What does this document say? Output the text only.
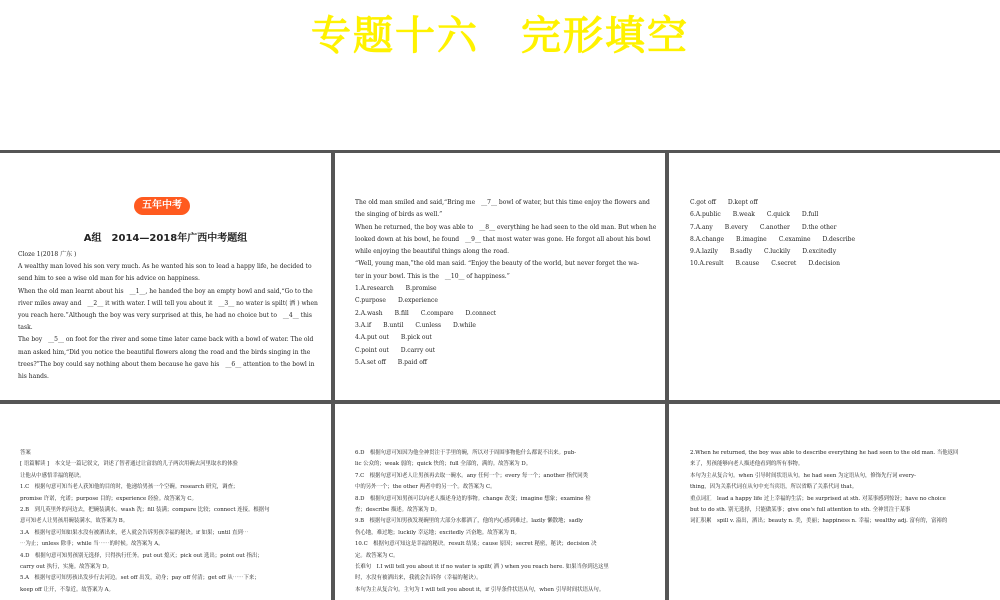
专题十六　完形填空
五年中考
A组　2014—2018年广西中考题组
Cloze 1(2018 广东 )
A wealthy man loved his son very much. As he wanted his son to lead a happy life, he decided to
send him to see a wise old man for his advice on happiness.
When the old man learnt about his　__1__, he handed the boy an empty bowl and said,“Go to the
river miles away and　__2__ it with water. I will tell you about it　__3__ no water is spilt( 洒 ) when
you reach here.”Although the boy was very surprised at this, he had no choice but to　__4__ this
task.
The boy　__5__ on foot for the river and some time later came back with a bowl of water. The old
man asked him,“Did you notice the beautiful flowers along the road and the birds singing in the
trees?”The boy could say nothing about them because he gave his　__6__ attention to the bowl in
his hands.
The old man smiled and said,“Bring me　__7__ bowl of water, but this time enjoy the flowers and
the singing of birds as well.”
When he returned, the boy was able to　__8__ everything he had seen to the old man. But when he
looked down at his bowl, he found　__9__ that most water was gone. He forgot all about his bowl
while enjoying the beautiful things along the road.
“Well, young man,”the old man said. “Enjoy the beauty of the world, but never forget the wa-
ter in your bowl. This is the　__10__ of happiness.”
1.A.research　　B.promise
C.purpose　　D.experience
2.A.wash　　B.fill　　C.compare　　D.connect
3.A.if　　B.until　　C.unless　　D.while
4.A.put out　　B.pick out
C.point out　　D.carry out
5.A.set off　　B.paid off
C.got off　　D.kept off
6.A.public　　B.weak　　C.quick　　D.full
7.A.any　　B.every　　C.another　　D.the other
8.A.change　　B.imagine　　C.examine　　D.describe
9.A.lazily　　B.sadly　　C.luckily　　D.excitedly
10.A.result　　B.cause　　C.secret　　D.decision
答案
[ 语篇解读 ]　本文是一篇记叙文，讲述了智者通过让富翁的儿子两次用碗去河里取水的体验
让他从中感悟幸福的秘诀。
1.C　根据句意可知当老人获知他的目的时，他递给男孩一个空碗。research 研究，调查；
promise 许诺，允诺；purpose 目的；experience 经验。故答案为 C。
2.B　到几英里外的河边去，把碗装满水。wash 洗；fill 装满；compare 比较；connect 连接。根据句
意可知老人让男孩用碗装满水，故答案为 B。
3.A　根据句意可知如果水没有被洒出来，老人就会告诉男孩幸福的秘诀。if 如果；until 直到⋯
⋯为止；unless 除非；while 当⋯⋯的时候。故答案为 A。
4.D　根据句意可知男孩别无选择，只得执行任务。put out 熄灭；pick out 选出；point out 指出；
carry out 执行，实施。故答案为 D。
5.A　根据句意可知男孩出发步行去河边。set off 出发，动身；pay off 付清；get off 从⋯⋯下来；
keep off 让开，不靠近。故答案为 A。
6.D　根据句意可知因为他全神贯注于手里的碗，所以对于周围事物他什么都说不出来。pub-
lic 公众的；weak 弱的；quick 快的；full 全部的，满的。故答案为 D。
7.C　根据句意可知老人让男孩再去取一碗水。any 任何一个；every 每一个；another 指代同类
中的另外一个；the other 两者中的另一个。故答案为 C。
8.D　根据句意可知男孩可以向老人描述身边的事物。change 改变；imagine 想象；examine 检
查；describe 描述。故答案为 D。
9.B　根据句意可知男孩发现碗里的大部分水都洒了，他的内心感到难过。lazily 懒散地；sadly
伤心地，难过地；luckily 幸运地；excitedly 兴奋地。故答案为 B。
10.C　根据句意可知这是幸福的秘诀。result 结果；cause 原因；secret 秘密，秘诀；decision 决
定。故答案为 C。
长难句　I.I will tell you about it if no water is spilt( 洒 ) when you reach here. 如果当你到达这里
时，水没有被洒出来，我就会告诉你（幸福的秘诀）。
本句为主从复合句。主句为 I will tell you about it，if 引导条件状语从句，when 引导时间状语从句。
2.When he returned, the boy was able to describe everything he had seen to the old man. 当他返回
来了，男孩能够向老人描述他看到的所有事物。
本句为主从复合句。when 引导时间状语从句。he had seen 为定语从句，修饰先行词 every-
thing，因为关系代词在从句中充当宾语，所以省略了关系代词 that。
重点词汇　lead a happy life 过上幸福的生活；be surprised at sth. 对某事感到惊讶；have no choice
but to do sth. 别无选择，只能做某事；give one's full attention to sth. 全神贯注于某事
词汇积累　spill v. 溢出，洒出；beauty n. 美，美丽；happiness n. 幸福；wealthy adj. 富有的，富裕的
